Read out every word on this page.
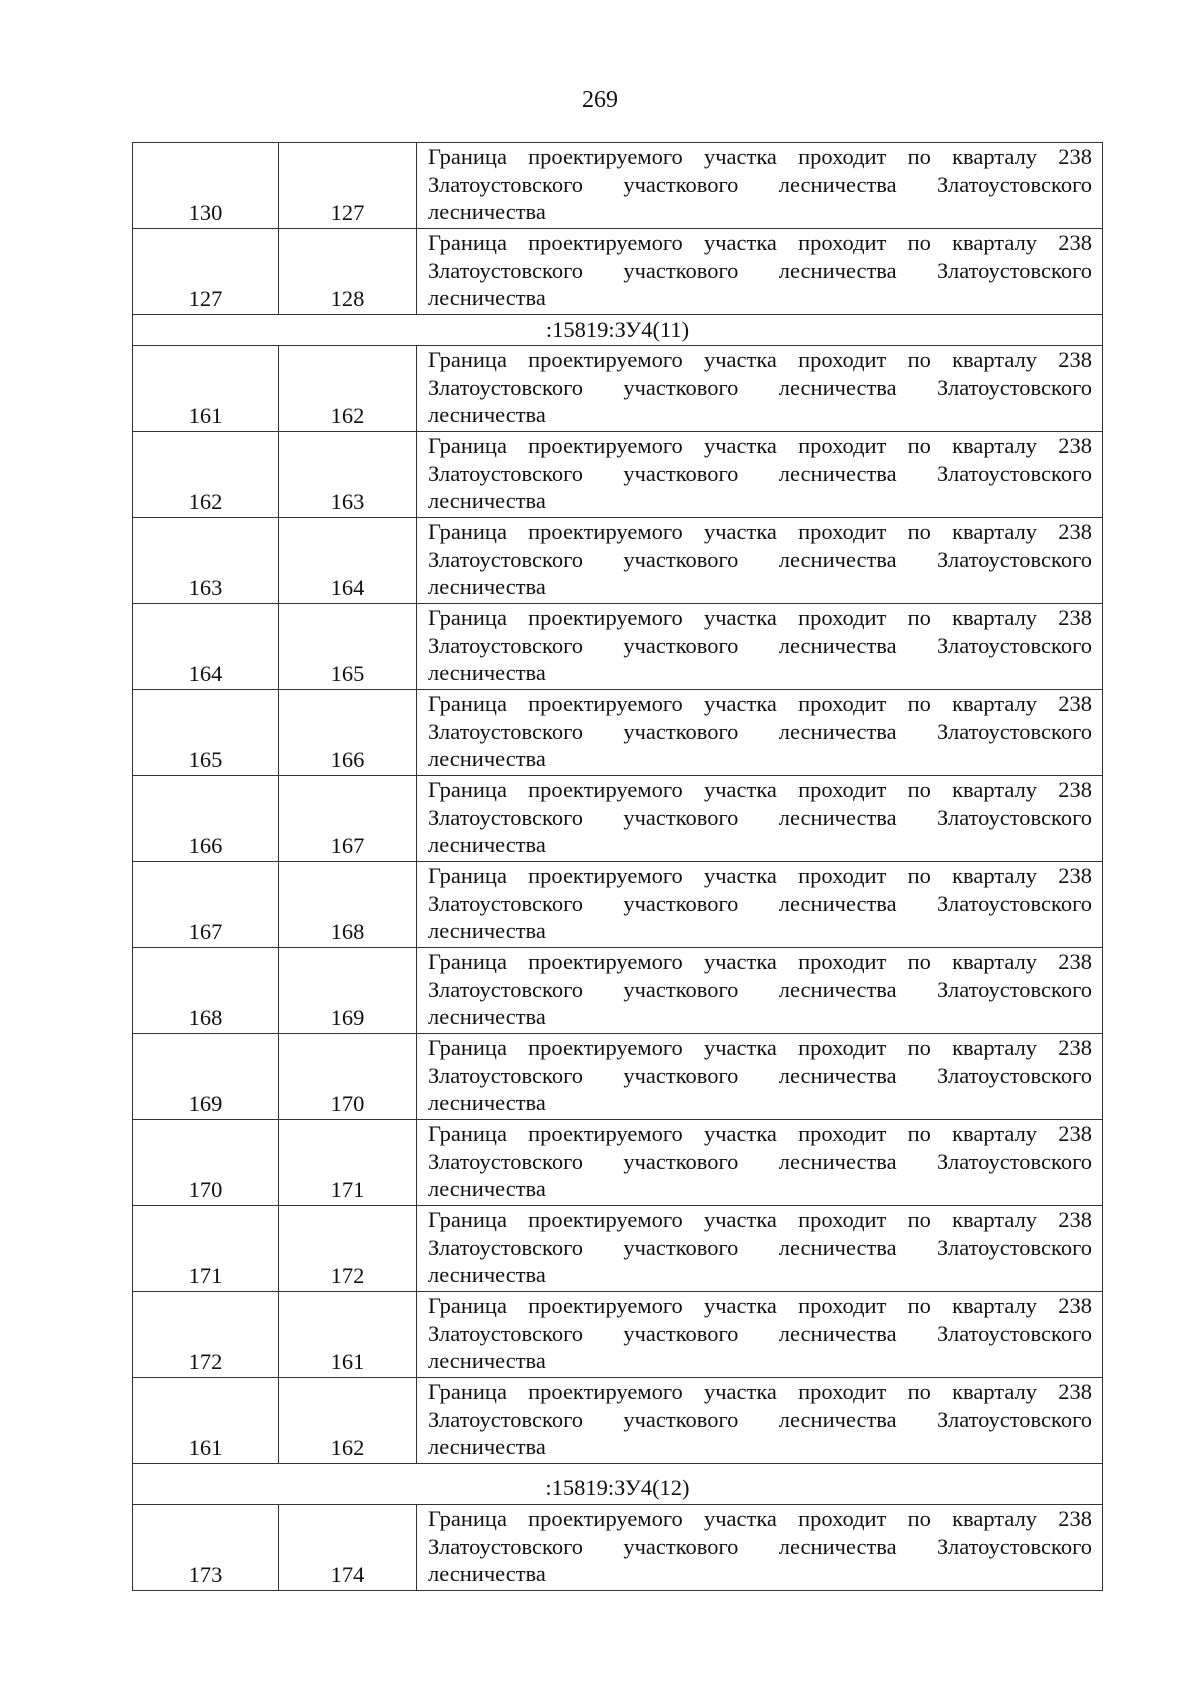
269
130	127	Граница проектируемого участка проходит по кварталу 238 Златоустовского участкового лесничества Златоустовского лесничества
127	128	Граница проектируемого участка проходит по кварталу 238 Златоустовского участкового лесничества Златоустовского лесничества
:15819:ЗУ4(11)		
161	162	Граница проектируемого участка проходит по кварталу 238 Златоустовского участкового лесничества Златоустовского лесничества
162	163	Граница проектируемого участка проходит по кварталу 238 Златоустовского участкового лесничества Златоустовского лесничества
163	164	Граница проектируемого участка проходит по кварталу 238 Златоустовского участкового лесничества Златоустовского лесничества
164	165	Граница проектируемого участка проходит по кварталу 238 Златоустовского участкового лесничества Златоустовского лесничества
165	166	Граница проектируемого участка проходит по кварталу 238 Златоустовского участкового лесничества Златоустовского лесничества
166	167	Граница проектируемого участка проходит по кварталу 238 Златоустовского участкового лесничества Златоустовского лесничества
167	168	Граница проектируемого участка проходит по кварталу 238 Златоустовского участкового лесничества Златоустовского лесничества
168	169	Граница проектируемого участка проходит по кварталу 238 Златоустовского участкового лесничества Златоустовского лесничества
169	170	Граница проектируемого участка проходит по кварталу 238 Златоустовского участкового лесничества Златоустовского лесничества
170	171	Граница проектируемого участка проходит по кварталу 238 Златоустовского участкового лесничества Златоустовского лесничества
171	172	Граница проектируемого участка проходит по кварталу 238 Златоустовского участкового лесничества Златоустовского лесничества
172	161	Граница проектируемого участка проходит по кварталу 238 Златоустовского участкового лесничества Златоустовского лесничества
161	162	Граница проектируемого участка проходит по кварталу 238 Златоустовского участкового лесничества Златоустовского лесничества
:15819:ЗУ4(12)		
173	174	Граница проектируемого участка проходит по кварталу 238 Златоустовского участкового лесничества Златоустовского лесничества
